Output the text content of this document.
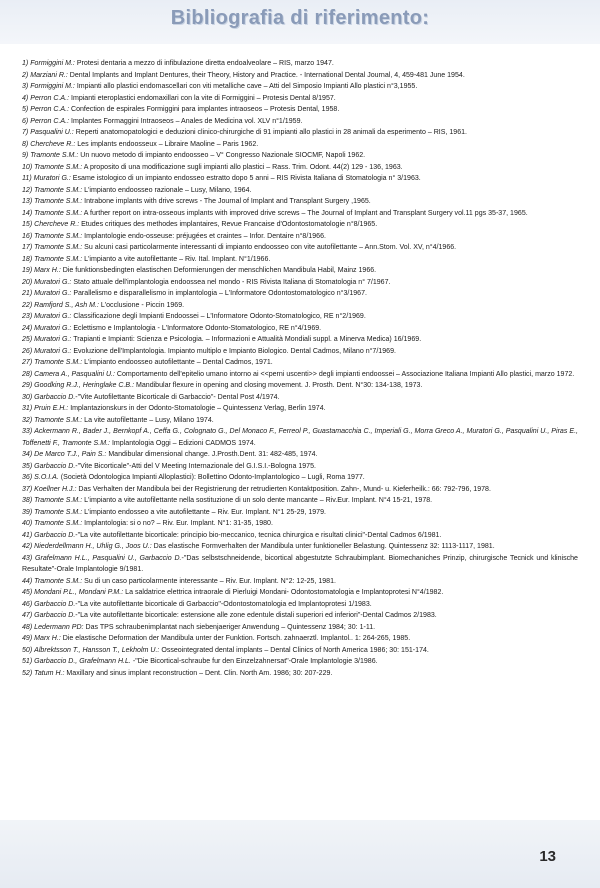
Bibliografia di riferimento:
1) Formiggini M.: Protesi dentaria a mezzo di infibulazione diretta endoalveolare – RIS, marzo 1947.
2) Marziani R.: Dental Implants and Implant Dentures, their Theory, History and Practice. - International Dental Journal, 4, 459-481 June 1954.
3) Formiggini M.: Impianti allo plastici endomascellari con viti metalliche cave – Atti del Simposio Impianti Allo plastici n°3,1955.
4) Perron C.A.: Impianti eteroplastici endomaxillari con la vite di Formiggini – Protesis Dental 8/1957.
5) Perron C.A.: Confection de espirales Formiggini para implantes intraoseos – Protesis Dental, 1958.
6) Perron C.A.: Implantes Formaggini Intraoseos – Anales de Medicina vol. XLV n°1/1959.
7) Pasqualini U.: Reperti anatomopatologici e deduzioni clinico-chirurgiche di 91 impianti allo plastici in 28 animali da esperimento – RIS, 1961.
8) Chercheve R.: Les implants endoosseux – Libraire Maoline – Paris 1962.
9) Tramonte S.M.: Un nuovo metodo di impianto endoosseo – V° Congresso Nazionale SIOCMF, Napoli 1962.
10) Tramonte S.M.: A proposito di una modificazione sugli impianti allo plastici – Rass. Trim. Odont. 44(2) 129 - 136, 1963.
11) Muratori G.: Esame istologico di un impianto endosseo estratto dopo 5 anni – RIS Rivista Italiana di Stomatologia n° 3/1963.
12) Tramonte S.M.: L'impianto endoosseo razionale – Lusy, Milano, 1964.
13) Tramonte S.M.: Intrabone implants with drive screws - The Journal of Implant and Transplant Surgery ,1965.
14) Tramonte S.M.: A further report on intra-osseous implants with improved drive screws – The Journal of Implant and Transplant Surgery vol.11 pgs 35-37, 1965.
15) Chercheve R.: Etudes critiques des methodes implantaires, Revue Francaise d'Odontostomatologie n°8/1965.
16) Tramonte S.M.: Implantologie endo-osseuse: préjugées et craintes – Infor. Dentaire n°8/1966.
17) Tramonte S.M.: Su alcuni casi particolarmente interessanti di impianto endoosseo con vite autofilettante – Ann.Stom. Vol. XV, n°4/1966.
18) Tramonte S.M.: L'impianto a vite autofilettante – Riv. Ital. Implant. N°1/1966.
19) Marx H.: Die funktionsbedingten elastischen Deformierungen der menschlichen Mandibula Habil, Mainz 1966.
20) Muratori G.: Stato attuale dell'implantologia endoossea nel mondo - RIS Rivista Italiana di Stomatologia n° 7/1967.
21) Muratori G.: Parallelismo e disparallelismo in implantologia – L'Informatore Odontostomatologico n°3/1967.
22) Ramfjord S., Ash M.: L'occlusione - Piccin 1969.
23) Muratori G.: Classificazione degli Impianti Endoossei – L'Informatore Odonto-Stomatologico, RE n°2/1969.
24) Muratori G.: Eclettismo e Implantologia - L'Informatore Odonto-Stomatologico, RE n°4/1969.
25) Muratori G.: Trapianti e Impianti: Scienza e Psicologia. – Informazioni e Attualità Mondiali suppl. a Minerva Medica) 16/1969.
26) Muratori G.: Evoluzione dell'Implantologia. Impianto multiplo e Impianto Biologico. Dental Cadmos, Milano n°7/1969.
27) Tramonte S.M.: L'impianto endoosseo autofilettante – Dental Cadmos, 1971.
28) Camera A., Pasqualini U.: Comportamento dell'epitelio umano intorno ai <<perni uscenti>> degli impianti endoossei – Associazione Italiana Impianti Allo plastici, marzo 1972.
29) Goodking R.J., Heringlake C.B.: Mandibular flexure in opening and closing movement. J. Prosth. Dent. N°30: 134-138, 1973.
30) Garbaccio D.-"Vite Autofilettante Bicorticale di Garbaccio"- Dental Post 4/1974.
31) Pruin E.H.: Implantazionskurs in der Odonto-Stomatologie – Quintessenz Verlag, Berlin 1974.
32) Tramonte S.M.: La vite autofilettante – Lusy, Milano 1974.
33) Ackermann R., Bader J., Bernkopf A., Ceffa G., Colognato G., Del Monaco F., Ferreol P., Guastamacchia C., Imperiali G., Morra Greco A., Muratori G., Pasqualini U., Piras E., Toffenetti F., Tramonte S.M.: Implantologia Oggi – Edizioni CADMOS 1974.
34) De Marco T.J., Pain S.: Mandibular dimensional change. J.Prosth.Dent. 31: 482-485, 1974.
35) Garbaccio D.-"Vite Bicorticale"-Atti del V Meeting Internazionale del G.I.S.I.-Bologna 1975.
36) S.O.I.A. (Società Odontologica Impianti Alloplastici): Bollettino Odonto-Implantologico – Lugli, Roma 1977.
37) Koellner H.J.: Das Verhalten der Mandibula bei der Registrierung der retrudierten Kontaktposition. Zahn-, Mund- u. Kieferheilk.: 66: 792-796, 1978.
38) Tramonte S.M.: L'impianto a vite autofilettante nella sostituzione di un solo dente mancante – Riv.Eur. Implant. N°4 15-21, 1978.
39) Tramonte S.M.: L'impianto endosseo a vite autofilettante – Riv. Eur. Implant. N°1 25-29, 1979.
40) Tramonte S.M.: Implantologia: si o no? – Riv. Eur. Implant. N°1: 31-35, 1980.
41) Garbaccio D.-"La vite autofilettante bicorticale: principio bio-meccanico, tecnica chirurgica e risultati clinici"-Dental Cadmos 6/1981.
42) Niederdellmann H., Uhlig G., Joos U.: Das elastische Formverhalten der Mandibula unter funktioneller Belastung. Quintessenz 32: 1113-1117, 1981.
43) Grafelmann H.L., Pasqualini U., Garbaccio D.-"Das selbstschneidende, bicortical abgestutzte Schraubimplant. Biomechaniches Prinzip, chirurgische Tecnick und klinische Resultate"-Orale Implantologie 9/1981.
44) Tramonte S.M.: Su di un caso particolarmente interessante – Riv. Eur. Implant. N°2: 12-25, 1981.
45) Mondani P.L., Mondani P.M.: La saldatrice elettrica intraorale di Pierluigi Mondani- Odontostomatologia e Implantoprotesi N°4/1982.
46) Garbaccio D.-"La vite autofilettante bicorticale di Garbaccio"-Odontostomatologia ed Implantoprotesi 1/1983.
47) Garbaccio D.-"La vite autofilettante bicorticale: estensione alle zone edentule distali superiori ed inferiori"-Dental Cadmos 2/1983.
48) Ledermann PD: Das TPS schraubenimplantat nach siebenjaeriger Anwendung – Quintessenz 1984; 30: 1-11.
49) Marx H.: Die elastische Deformation der Mandibula unter der Funktion. Fortsch. zahnaerztl. Implantol.. 1: 264-265, 1985.
50) Albrektsson T., Hansson T., Lekholm U.: Osseointegrated dental implants – Dental Clinics of North America 1986; 30: 151-174.
51) Garbaccio D., Grafelmann H.L. -"Die Bicortical-schraube fur den Einzelzahnersat"-Orale Implantologie 3/1986.
52) Tatum H.: Maxillary and sinus implant reconstruction – Dent. Clin. North Am. 1986; 30: 207-229.
13
